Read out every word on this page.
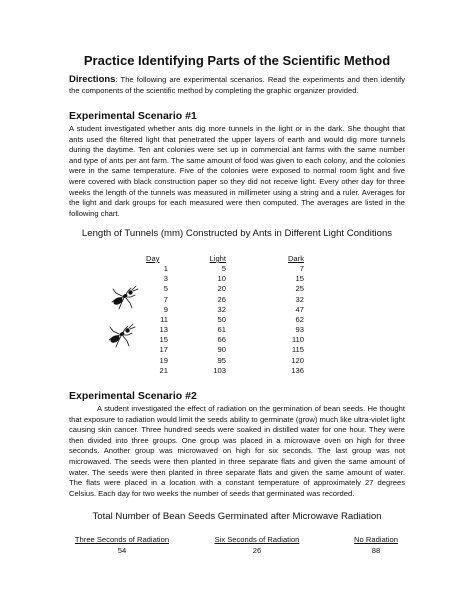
Practice Identifying Parts of the Scientific Method

Directions: The following are experimental scenarios. Read the experiments and then identify the components of the scientific method by completing the graphic organizer provided.

Experimental Scenario #1

A student investigated whether ants dig more tunnels in the light or in the dark. She thought that ants used the filtered light that penetrated the upper layers of earth and would dig more tunnels during the daytime. Ten ant colonies were set up in commercial ant farms with the same number and type of ants per ant farm. The same amount of food was given to each colony, and the colonies were in the same temperature. Five of the colonies were exposed to normal room light and five were covered with black construction paper so they did not receive light. Every other day for three weeks the length of the tunnels was measured in millimeter using a string and a ruler. Averages for the light and dark groups for each measured were then computed. The averages are listed in the following chart.

Length of Tunnels (mm) Constructed by Ants in Different Light Conditions
Day
1
3
5
7
9
11
13
15
17
19
21
Light
5
10
20
26
32
50
61
66
90
95
103
Dark
7
15
25
32
47
62
93
110
115
120
136
Experimental Scenario #2

A student investigated the effect of radiation on the germination of bean seeds. He thought that exposure to radiation would limit the seeds ability to germinate (grow) much like ultra-violet light causing skin cancer. Three hundred seeds were soaked in distilled water for one hour. They were then divided into three groups. One group was placed in a microwave oven on high for three seconds. Another group was microwaved on high for six seconds. The last group was not microwaved. The seeds were then planted in three separate flats and given the same amount of water. The seeds were then planted in three separate flats and given the same amount of water. The flats were placed in a location with a constant temperature of approximately 27 degrees Celsius. Each day for two weeks the number of seeds that germinated was recorded.

Total Number of Bean Seeds Germinated after Microwave Radiation
Three Seconds of Radiation
54
Six Seconds of Radiation
26
No Radiation
88
